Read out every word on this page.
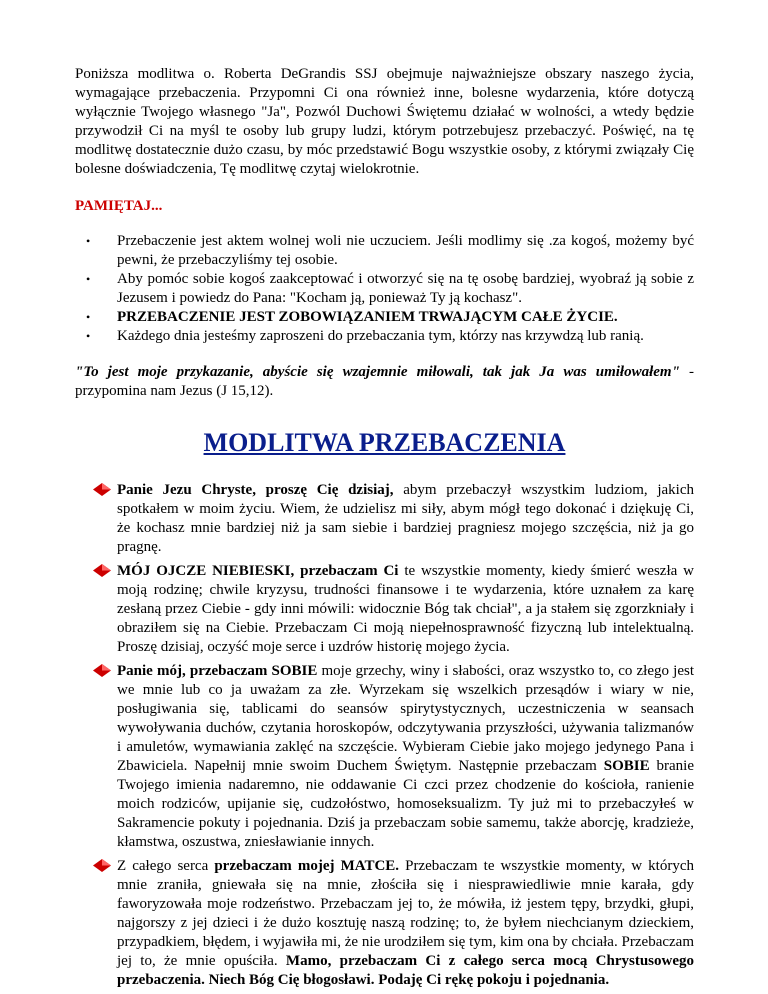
Poniższa modlitwa o. Roberta DeGrandis SSJ obejmuje najważniejsze obszary naszego życia, wymagające przebaczenia. Przypomni Ci ona również inne, bolesne wydarzenia, które dotyczą wyłącznie Twojego własnego "Ja", Pozwól Duchowi Świętemu działać w wolności, a wtedy będzie przywodził Ci na myśl te osoby lub grupy ludzi, którym potrzebujesz przebaczyć. Poświęć, na tę modlitwę dostatecznie dużo czasu, by móc przedstawić Bogu wszystkie osoby, z którymi związały Cię bolesne doświadczenia, Tę modlitwę czytaj wielokrotnie.

PAMIĘTAJ...

• Przebaczenie jest aktem wolnej woli nie uczuciem. Jeśli modlimy się .za kogoś, możemy być pewni, że przebaczyliśmy tej osobie.
• Aby pomóc sobie kogoś zaakceptować i otworzyć się na tę osobę bardziej, wyobraź ją sobie z Jezusem i powiedz do Pana: "Kocham ją, ponieważ Ty ją kochasz".
• PRZEBACZENIE JEST ZOBOWIĄZANIEM TRWAJĄCYM CAŁE ŻYCIE.
• Każdego dnia jesteśmy zaproszeni do przebaczania tym, którzy nas krzywdzą lub ranią.

"To jest moje przykazanie, abyście się wzajemnie miłowali, tak jak Ja was umiłowałem" - przypomina nam Jezus (J 15,12).

MODLITWA PRZEBACZENIA
Panie Jezu Chryste, proszę Cię dzisiaj, abym przebaczył wszystkim ludziom, jakich spotkałem w moim życiu. Wiem, że udzielisz mi siły, abym mógł tego dokonać i dziękuję Ci, że kochasz mnie bardziej niż ja sam siebie i bardziej pragniesz mojego szczęścia, niż ja go pragnę.
MÓJ OJCZE NIEBIESKI, przebaczam Ci te wszystkie momenty, kiedy śmierć weszła w moją rodzinę; chwile kryzysu, trudności finansowe i te wydarzenia, które uznałem za karę zesłaną przez Ciebie - gdy inni mówili: widocznie Bóg tak chciał", a ja stałem się zgorzkniały i obraziłem się na Ciebie. Przebaczam Ci moją niepełnosprawność fizyczną lub intelektualną. Proszę dzisiaj, oczyść moje serce i uzdrów historię mojego życia.
Panie mój, przebaczam SOBIE moje grzechy, winy i słabości, oraz wszystko to, co złego jest we mnie lub co ja uważam za złe. Wyrzekam się wszelkich przesądów i wiary w nie, posługiwania się, tablicami do seansów spirytystycznych, uczestniczenia w seansach wywoływania duchów, czytania horoskopów, odczytywania przyszłości, używania talizmanów i amuletów, wymawiania zaklęć na szczęście. Wybieram Ciebie jako mojego jedynego Pana i Zbawiciela. Napełnij mnie swoim Duchem Świętym. Następnie przebaczam SOBIE branie Twojego imienia nadaremno, nie oddawanie Ci czci przez chodzenie do kościoła, ranienie moich rodziców, upijanie się, cudzołóstwo, homoseksualizm. Ty już mi to przebaczyłeś w Sakramencie pokuty i pojednania. Dziś ja przebaczam sobie samemu, także aborcję, kradzieże, kłamstwa, oszustwa, zniesławianie innych.
Z całego serca przebaczam mojej MATCE. Przebaczam te wszystkie momenty, w których mnie zraniła, gniewała się na mnie, złościła się i niesprawiedliwie mnie karała, gdy faworyzowała moje rodzeństwo. Przebaczam jej to, że mówiła, iż jestem tępy, brzydki, głupi, najgorszy z jej dzieci i że dużo kosztuję naszą rodzinę; to, że byłem niechcianym dzieckiem, przypadkiem, błędem, i wyjawiła mi, że nie urodziłem się tym, kim ona by chciała. Przebaczam jej to, że mnie opuściła. Mamo, przebaczam Ci z całego serca mocą Chrystusowego przebaczenia. Niech Bóg Cię błogosławi. Podaję Ci rękę pokoju i pojednania.
